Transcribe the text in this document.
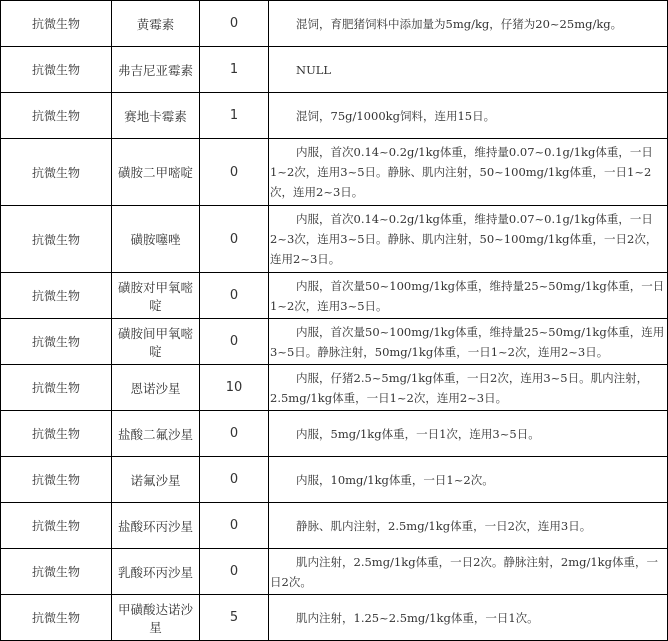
抗微生物	黄霉素	0	混饲，育肥猪饲料中添加量为5mg/kg，仔猪为20~25mg/kg。

抗微生物	弗吉尼亚霉素	1	NULL

抗微生物	赛地卡霉素	1	混饲，75g/1000kg饲料，连用15日。

抗微生物	磺胺二甲嘧啶	0	内服，首次0.14~0.2g/1kg体重，维持量0.07~0.1g/1kg体重，一日1~2次，连用3~5日。静脉、肌内注射，50~100mg/1kg体重，一日1~2次，连用2~3日。

抗微生物	磺胺噻唑	0	内服，首次0.14~0.2g/1kg体重，维持量0.07~0.1g/1kg体重，一日2~3次，连用3~5日。静脉、肌内注射，50~100mg/1kg体重，一日2次，连用2~3日。

抗微生物	磺胺对甲氧嘧啶	0	内服，首次量50~100mg/1kg体重，维持量25~50mg/1kg体重，一日1~2次，连用3~5日。

抗微生物	磺胺间甲氧嘧啶	0	内服，首次量50~100mg/1kg体重，维持量25~50mg/1kg体重，连用3~5日。静脉注射，50mg/1kg体重，一日1~2次，连用2~3日。

抗微生物	恩诺沙星	10	内服，仔猪2.5~5mg/1kg体重，一日2次，连用3~5日。肌内注射，2.5mg/1kg体重，一日1~2次，连用2~3日。

抗微生物	盐酸二氟沙星	0	内服，5mg/1kg体重，一日1次，连用3~5日。

抗微生物	诺氟沙星	0	内服，10mg/1kg体重，一日1~2次。

抗微生物	盐酸环丙沙星	0	静脉、肌内注射，2.5mg/1kg体重，一日2次，连用3日。

抗微生物	乳酸环丙沙星	0	肌内注射，2.5mg/1kg体重，一日2次。静脉注射，2mg/1kg体重，一日2次。

抗微生物	甲磺酸达诺沙星	5	肌内注射，1.25~2.5mg/1kg体重，一日1次。
